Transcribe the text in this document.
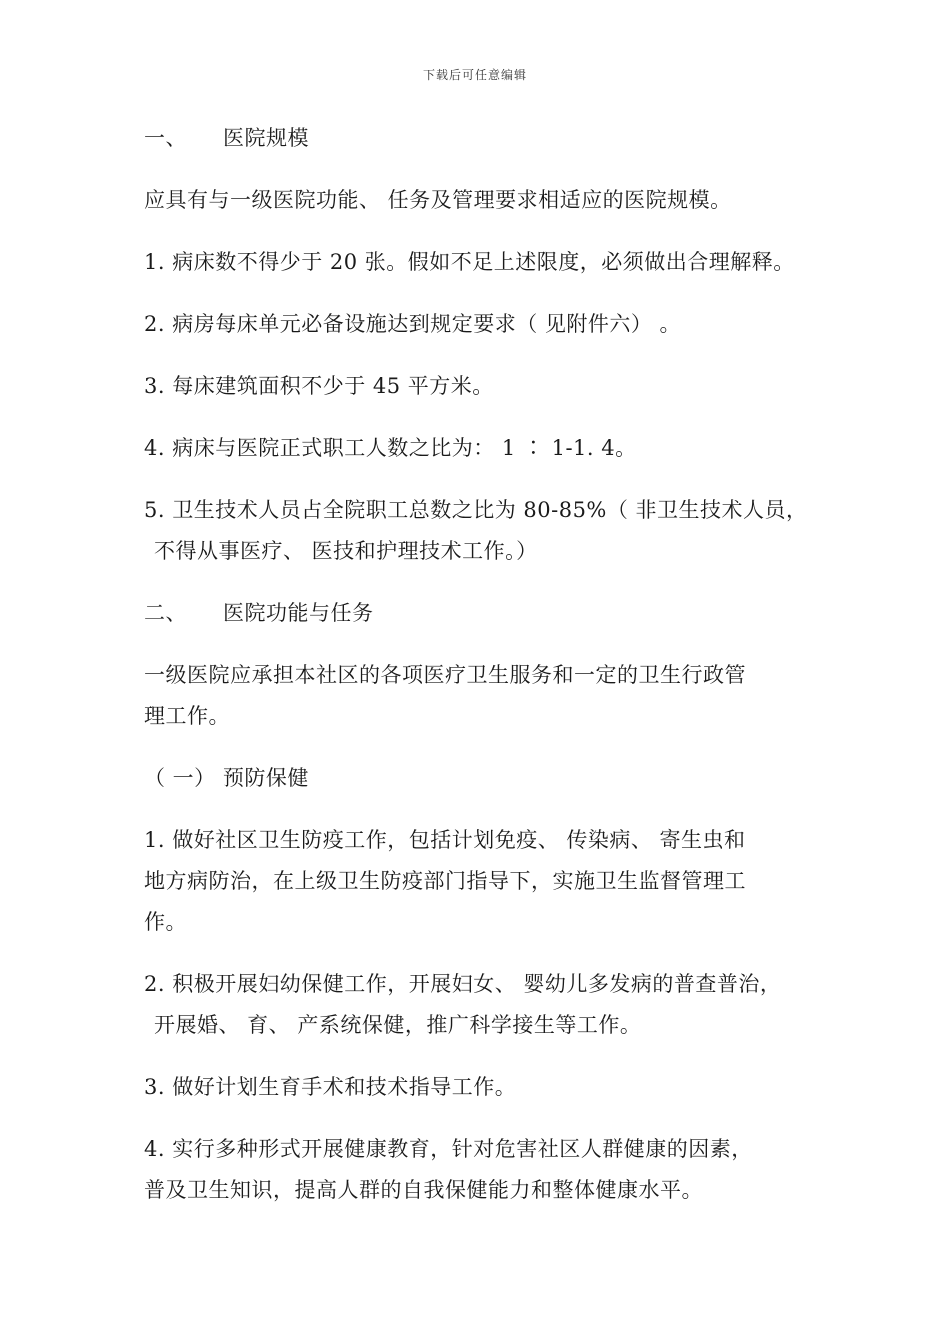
下载后可任意编辑

一、 医院规模

应具有与一级医院功能、 任务及管理要求相适应的医院规模。

1. 病床数不得少于 20 张。假如不足上述限度，必须做出合理解释。

2. 病房每床单元必备设施达到规定要求（ 见附件六） 。

3. 每床建筑面积不少于 45 平方米。

4. 病床与医院正式职工人数之比为： 1 ∶ 1-1. 4。

5. 卫生技术人员占全院职工总数之比为 80-85%（ 非卫生技术人员，
不得从事医疗、 医技和护理技术工作。）

二、 医院功能与任务

一级医院应承担本社区的各项医疗卫生服务和一定的卫生行政管
理工作。

（ 一） 预防保健

1. 做好社区卫生防疫工作，包括计划免疫、 传染病、 寄生虫和
地方病防治，在上级卫生防疫部门指导下，实施卫生监督管理工
作。

2. 积极开展妇幼保健工作，开展妇女、 婴幼儿多发病的普查普治，
开展婚、 育、 产系统保健，推广科学接生等工作。

3. 做好计划生育手术和技术指导工作。

4. 实行多种形式开展健康教育，针对危害社区人群健康的因素，
普及卫生知识，提高人群的自我保健能力和整体健康水平。
